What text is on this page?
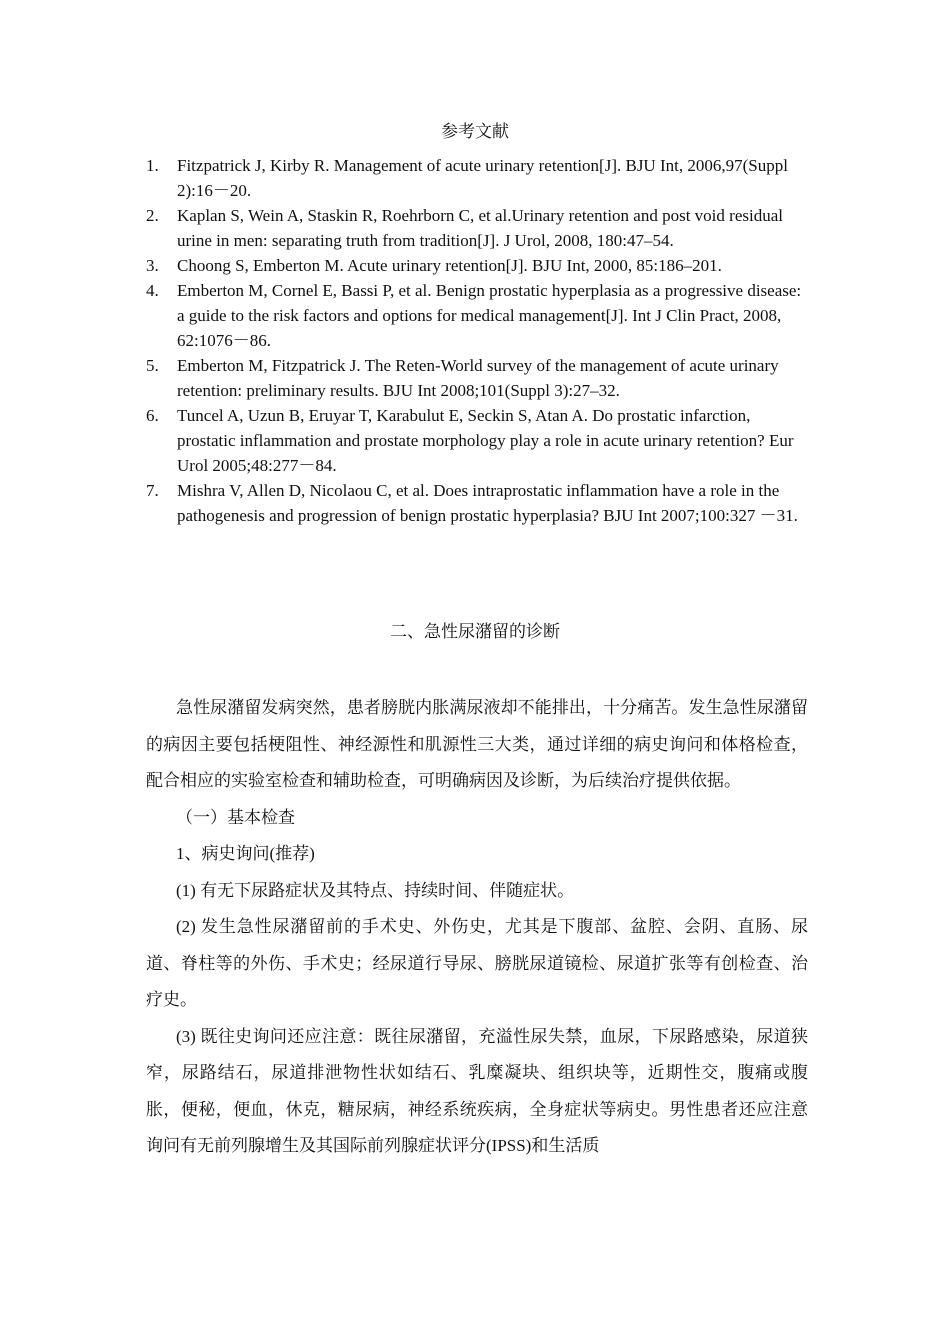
参考文献
1. Fitzpatrick J, Kirby R. Management of acute urinary retention[J]. BJU Int, 2006,97(Suppl 2):16－20.
2. Kaplan S, Wein A, Staskin R, Roehrborn C, et al.Urinary retention and post void residual urine in men: separating truth from tradition[J]. J Urol, 2008, 180:47–54.
3. Choong S, Emberton M. Acute urinary retention[J]. BJU Int, 2000, 85:186–201.
4. Emberton M, Cornel E, Bassi P, et al. Benign prostatic hyperplasia as a progressive disease: a guide to the risk factors and options for medical management[J]. Int J Clin Pract, 2008, 62:1076－86.
5. Emberton M, Fitzpatrick J. The Reten-World survey of the management of acute urinary retention: preliminary results. BJU Int 2008;101(Suppl 3):27–32.
6. Tuncel A, Uzun B, Eruyar T, Karabulut E, Seckin S, Atan A. Do prostatic infarction, prostatic inflammation and prostate morphology play a role in acute urinary retention? Eur Urol 2005;48:277－84.
7. Mishra V, Allen D, Nicolaou C, et al. Does intraprostatic inflammation have a role in the pathogenesis and progression of benign prostatic hyperplasia? BJU Int 2007;100:327 －31.
二、急性尿潴留的诊断

急性尿潴留发病突然，患者膀胱内胀满尿液却不能排出，十分痛苦。发生急性尿潴留的病因主要包括梗阻性、神经源性和肌源性三大类，通过详细的病史询问和体格检查，配合相应的实验室检查和辅助检查，可明确病因及诊断，为后续治疗提供依据。

（一）基本检查

1、病史询问(推荐)

(1) 有无下尿路症状及其特点、持续时间、伴随症状。

(2) 发生急性尿潴留前的手术史、外伤史，尤其是下腹部、盆腔、会阴、直肠、尿道、脊柱等的外伤、手术史；经尿道行导尿、膀胱尿道镜检、尿道扩张等有创检查、治疗史。

(3) 既往史询问还应注意：既往尿潴留，充溢性尿失禁，血尿，下尿路感染，尿道狭窄，尿路结石，尿道排泄物性状如结石、乳糜凝块、组织块等，近期性交，腹痛或腹胀，便秘，便血，休克，糖尿病，神经系统疾病，全身症状等病史。男性患者还应注意询问有无前列腺增生及其国际前列腺症状评分(IPSS)和生活质
